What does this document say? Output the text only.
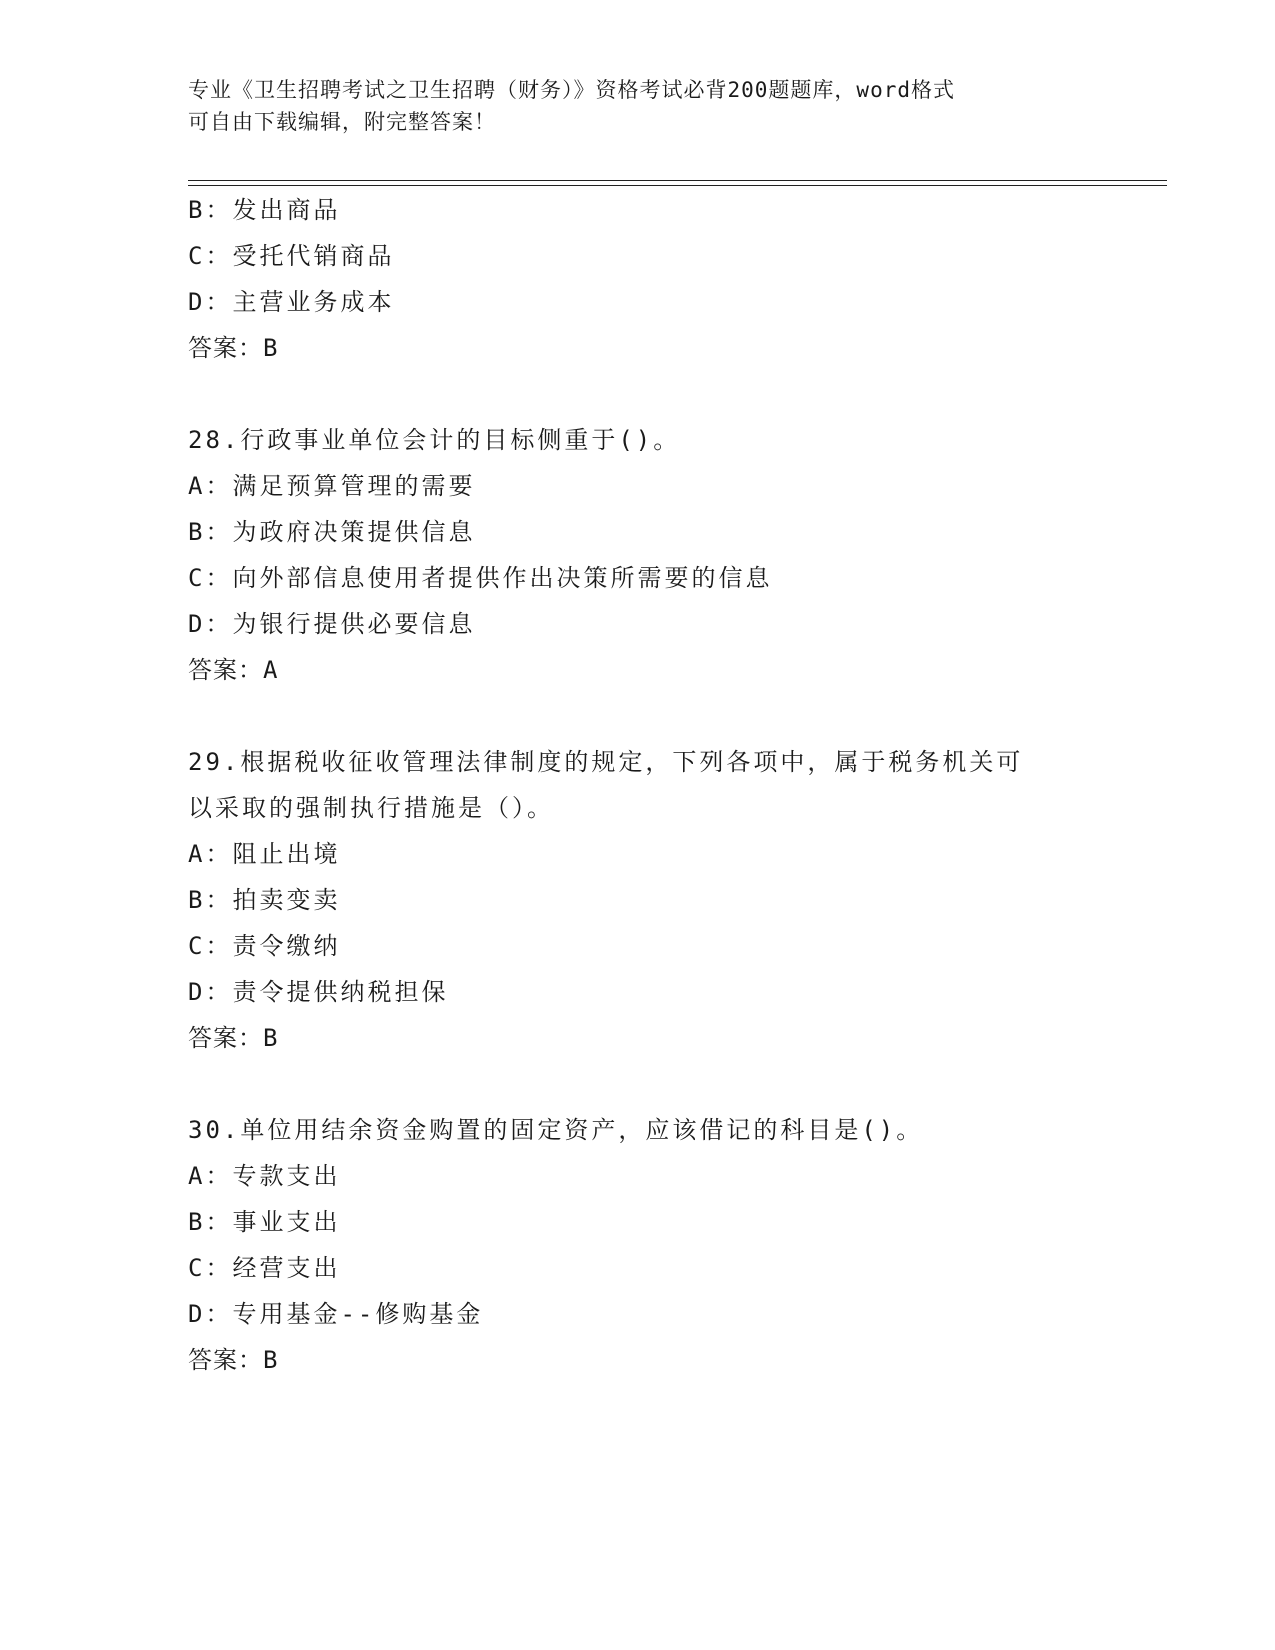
专业《卫生招聘考试之卫生招聘（财务）》资格考试必背200题题库，word格式
可自由下载编辑，附完整答案！
B：发出商品
C：受托代销商品
D：主营业务成本
答案：B
28.行政事业单位会计的目标侧重于()。
A：满足预算管理的需要
B：为政府决策提供信息
C：向外部信息使用者提供作出决策所需要的信息
D：为银行提供必要信息
答案：A
29.根据税收征收管理法律制度的规定，下列各项中，属于税务机关可
以采取的强制执行措施是（）。
A：阻止出境
B：拍卖变卖
C：责令缴纳
D：责令提供纳税担保
答案：B
30.单位用结余资金购置的固定资产，应该借记的科目是()。
A：专款支出
B：事业支出
C：经营支出
D：专用基金--修购基金
答案：B
